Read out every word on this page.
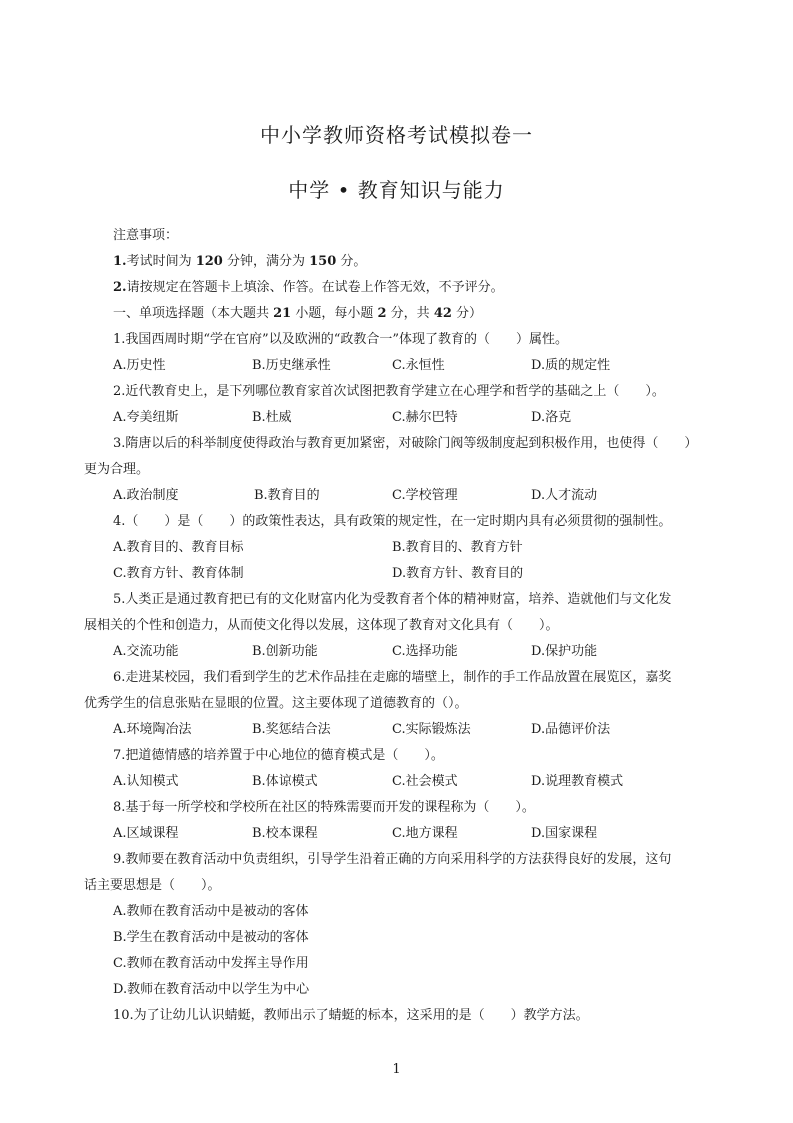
中小学教师资格考试模拟卷一
中学 • 教育知识与能力
注意事项：
1.考试时间为 120 分钟，满分为 150 分。
2.请按规定在答题卡上填涂、作答。在试卷上作答无效，不予评分。
一、单项选择题（本大题共 21 小题，每小题 2 分，共 42 分）
1.我国西周时期“学在官府”以及欧洲的“政教合一”体现了教育的（　　）属性。
A.历史性	B.历史继承性	C.永恒性	D.质的规定性
2.近代教育史上，是下列哪位教育家首次试图把教育学建立在心理学和哲学的基础之上（　　）。
A.夸美纽斯	B.杜威	C.赫尔巴特	D.洛克
3.隋唐以后的科举制度使得政治与教育更加紧密，对破除门阀等级制度起到积极作用，也使得（　　）
更为合理。
A.政治制度	B.教育目的	C.学校管理	D.人才流动
4.（　　）是（　　）的政策性表达，具有政策的规定性，在一定时期内具有必须贯彻的强制性。
A.教育目的、教育目标	B.教育目的、教育方针
C.教育方针、教育体制	D.教育方针、教育目的
5.人类正是通过教育把已有的文化财富内化为受教育者个体的精神财富，培养、造就他们与文化发
展相关的个性和创造力，从而使文化得以发展，这体现了教育对文化具有（　　）。
A.交流功能	B.创新功能	C.选择功能	D.保护功能
6.走进某校园，我们看到学生的艺术作品挂在走廊的墙壁上，制作的手工作品放置在展览区，嘉奖
优秀学生的信息张贴在显眼的位置。这主要体现了道德教育的（）。
A.环境陶冶法	B.奖惩结合法	C.实际锻炼法	D.品德评价法
7.把道德情感的培养置于中心地位的德育模式是（　　）。
A.认知模式	B.体谅模式	C.社会模式	D.说理教育模式
8.基于每一所学校和学校所在社区的特殊需要而开发的课程称为（　　）。
A.区域课程	B.校本课程	C.地方课程	D.国家课程
9.教师要在教育活动中负责组织，引导学生沿着正确的方向采用科学的方法获得良好的发展，这句
话主要思想是（　　）。
A.教师在教育活动中是被动的客体
B.学生在教育活动中是被动的客体
C.教师在教育活动中发挥主导作用
D.教师在教育活动中以学生为中心
10.为了让幼儿认识蜻蜓，教师出示了蜻蜓的标本，这采用的是（　　）教学方法。
1
